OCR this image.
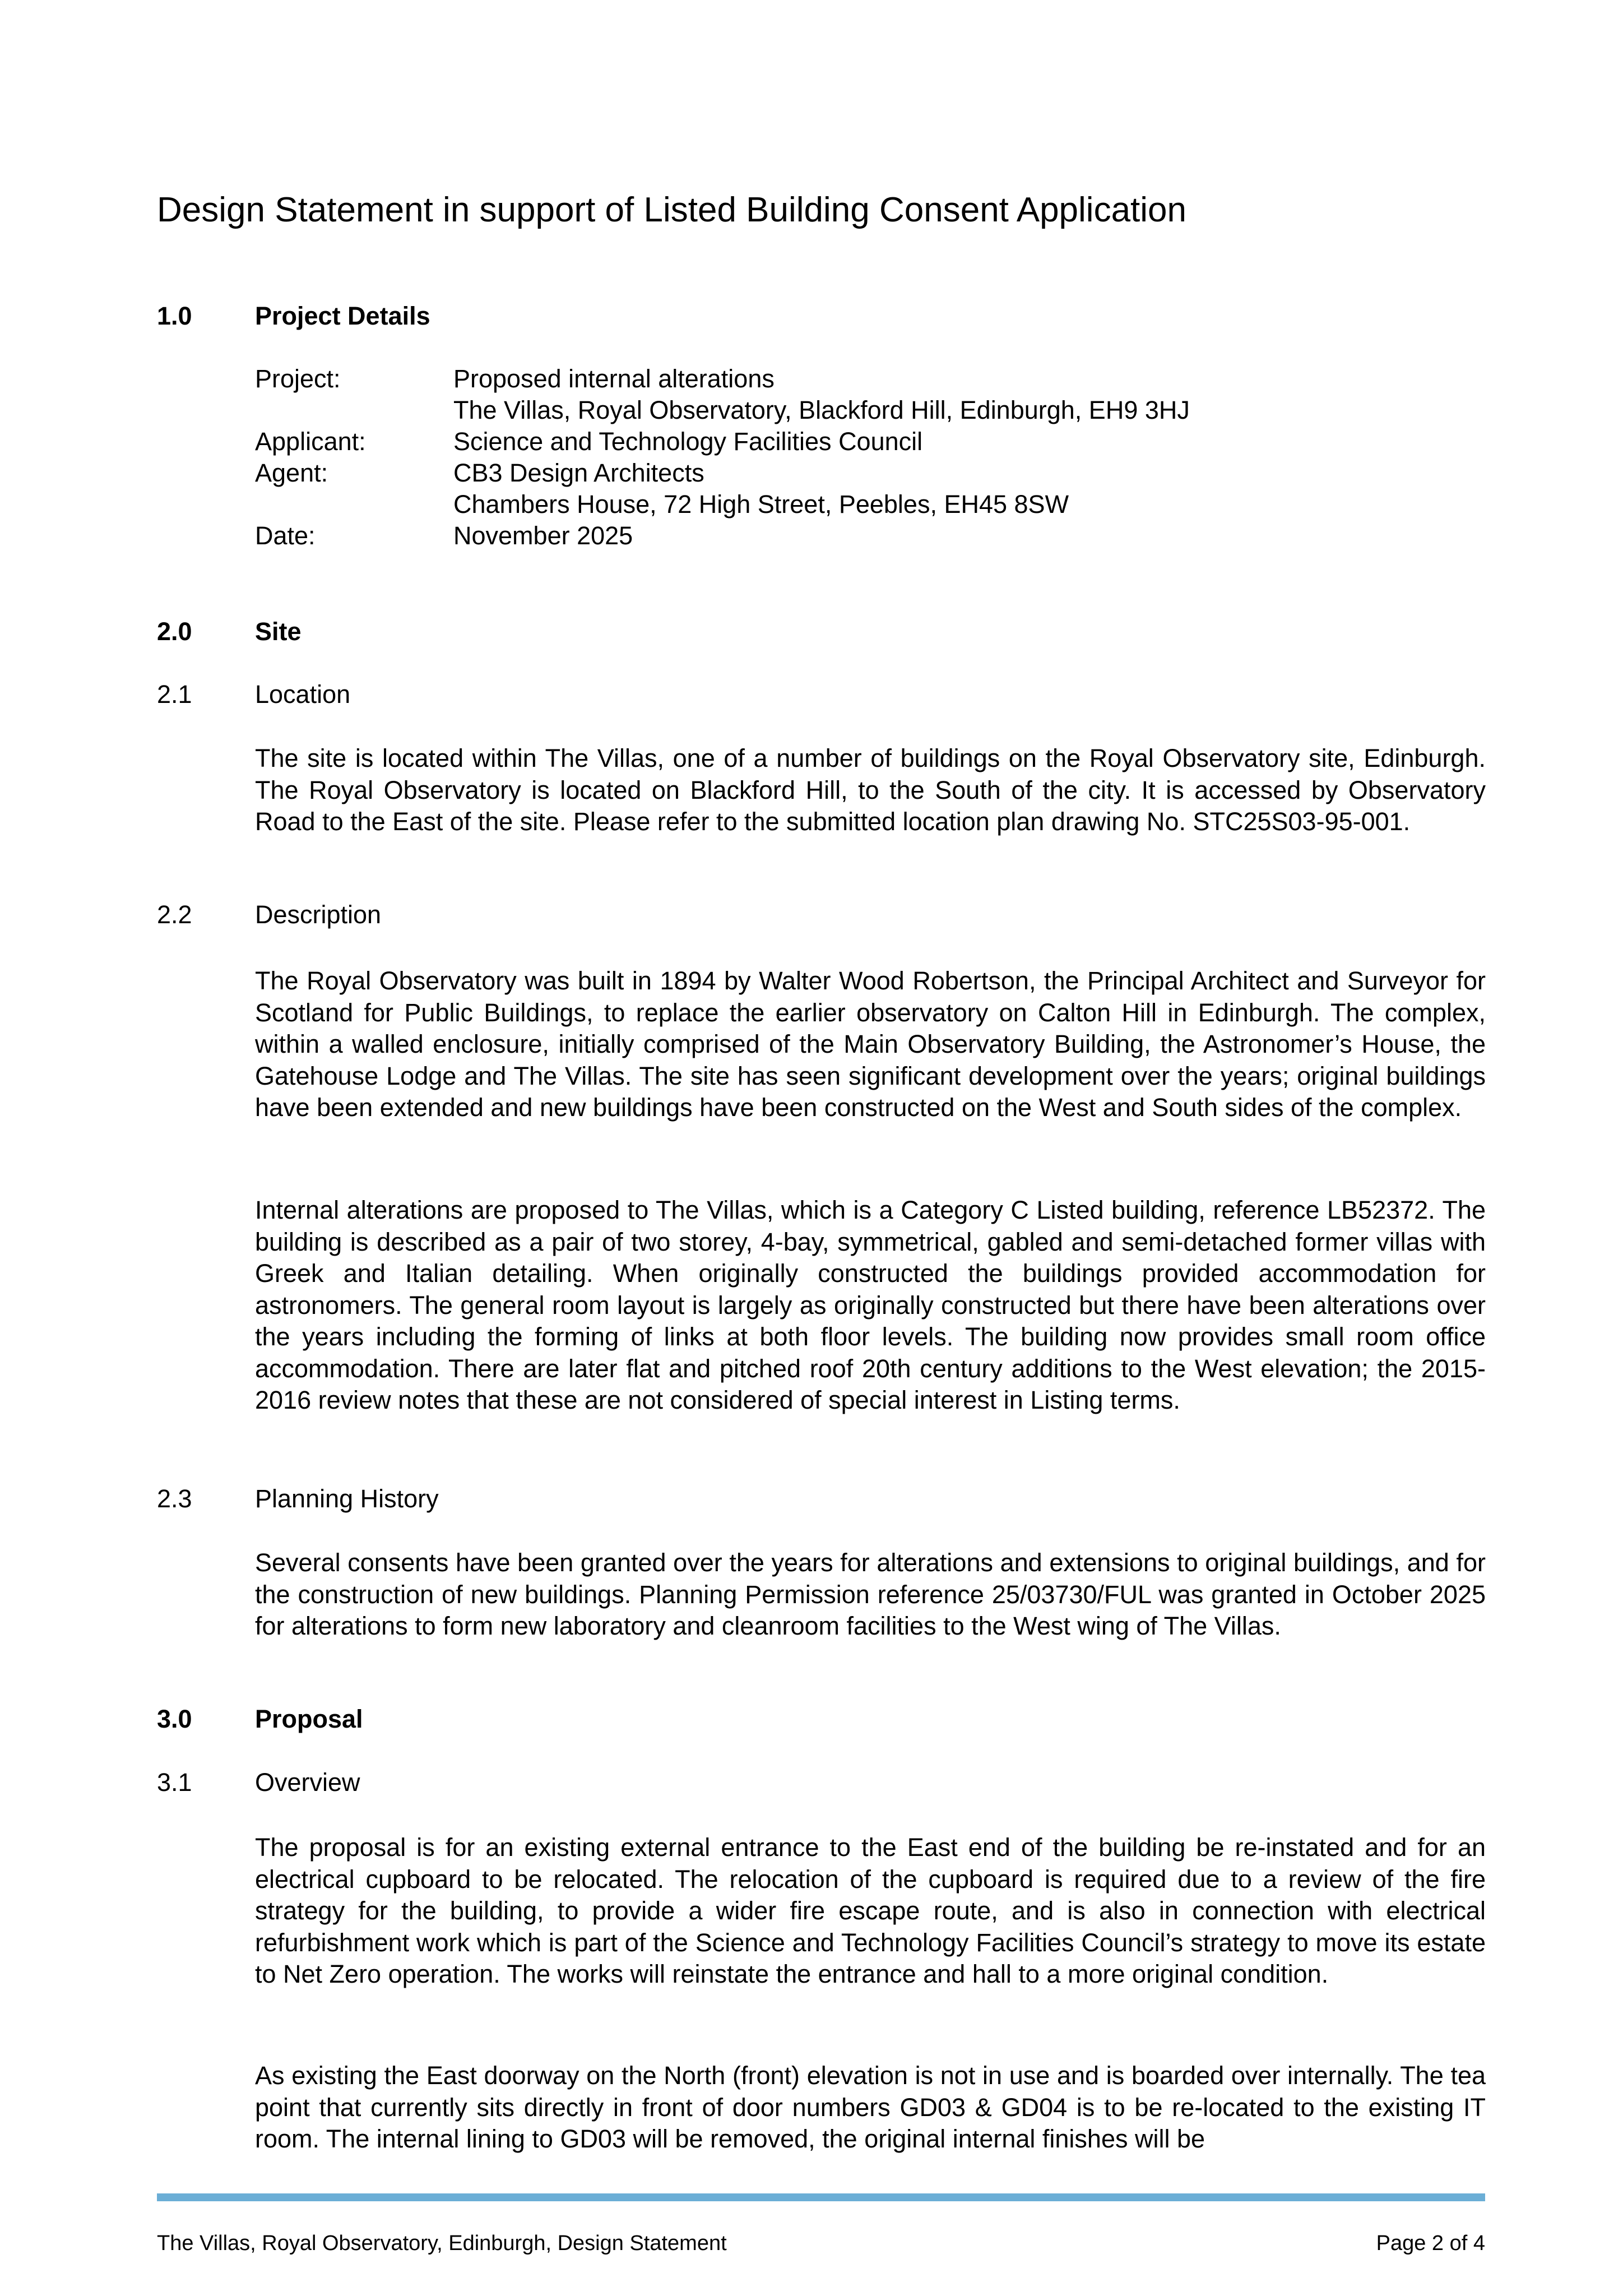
Design Statement in support of Listed Building Consent Application
1.0 Project Details
Project:	Proposed internal alterations
The Villas, Royal Observatory, Blackford Hill, Edinburgh, EH9 3HJ
Applicant:	Science and Technology Facilities Council
Agent:	CB3 Design Architects
Chambers House, 72 High Street, Peebles, EH45 8SW
Date:	November 2025
2.0 Site
2.1 Location

The site is located within The Villas, one of a number of buildings on the Royal Observatory site, Edinburgh. The Royal Observatory is located on Blackford Hill, to the South of the city. It is accessed by Observatory Road to the East of the site. Please refer to the submitted location plan drawing No. STC25S03-95-001.

2.2 Description

The Royal Observatory was built in 1894 by Walter Wood Robertson, the Principal Architect and Surveyor for Scotland for Public Buildings, to replace the earlier observatory on Calton Hill in Edinburgh. The complex, within a walled enclosure, initially comprised of the Main Observatory Building, the Astronomer’s House, the Gatehouse Lodge and The Villas. The site has seen significant development over the years; original buildings have been extended and new buildings have been constructed on the West and South sides of the complex.

Internal alterations are proposed to The Villas, which is a Category C Listed building, reference LB52372. The building is described as a pair of two storey, 4-bay, symmetrical, gabled and semi-detached former villas with Greek and Italian detailing. When originally constructed the buildings provided accommodation for astronomers. The general room layout is largely as originally constructed but there have been alterations over the years including the forming of links at both floor levels. The building now provides small room office accommodation. There are later flat and pitched roof 20th century additions to the West elevation; the 2015-2016 review notes that these are not considered of special interest in Listing terms.

2.3 Planning History

Several consents have been granted over the years for alterations and extensions to original buildings, and for the construction of new buildings. Planning Permission reference 25/03730/FUL was granted in October 2025 for alterations to form new laboratory and cleanroom facilities to the West wing of The Villas.

3.0 Proposal
3.1 Overview

The proposal is for an existing external entrance to the East end of the building be re-instated and for an electrical cupboard to be relocated. The relocation of the cupboard is required due to a review of the fire strategy for the building, to provide a wider fire escape route, and is also in connection with electrical refurbishment work which is part of the Science and Technology Facilities Council’s strategy to move its estate to Net Zero operation. The works will reinstate the entrance and hall to a more original condition.

As existing the East doorway on the North (front) elevation is not in use and is boarded over internally. The tea point that currently sits directly in front of door numbers GD03 & GD04 is to be re-located to the existing IT room. The internal lining to GD03 will be removed, the original internal finishes will be

The Villas, Royal Observatory, Edinburgh, Design Statement	Page 2 of 4
